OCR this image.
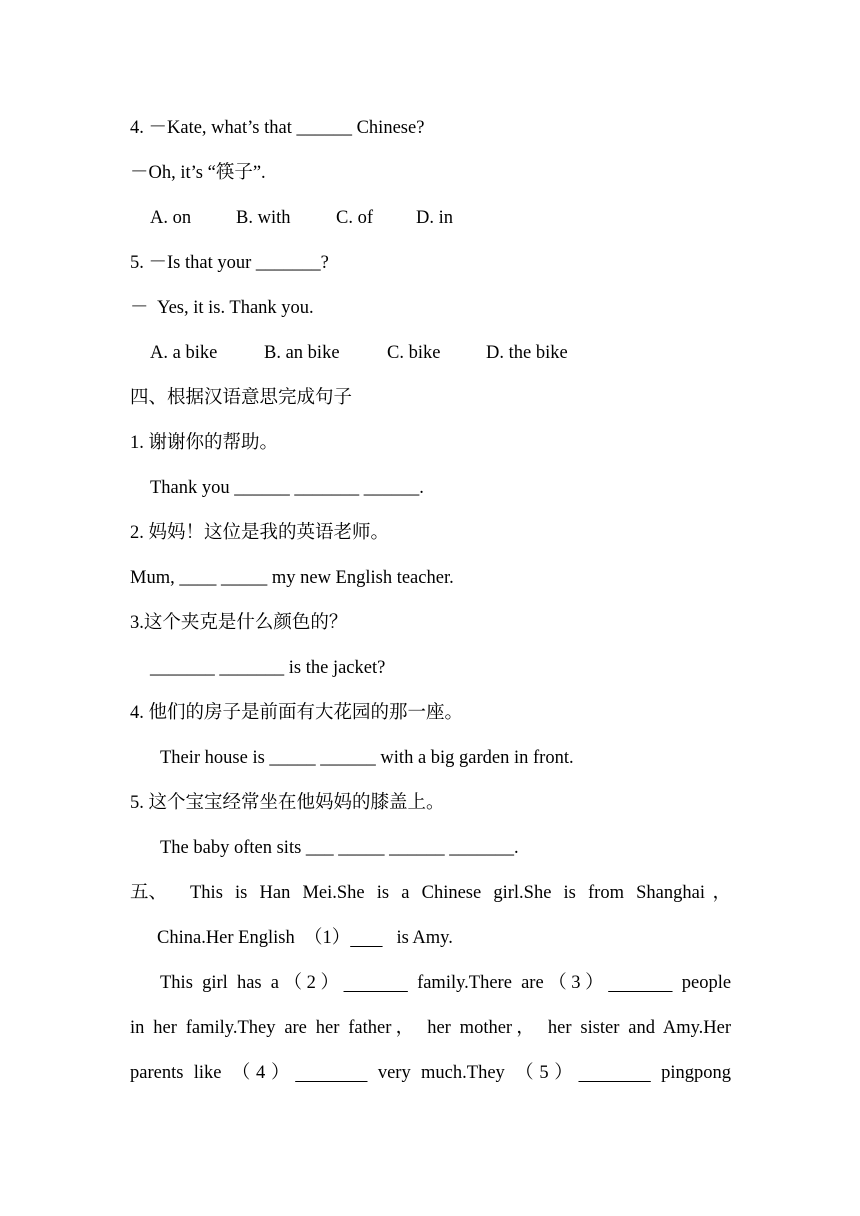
4. －Kate, what’s that ______ Chinese?
－Oh, it’s “筷子”.
A. on B. with C. of D. in
5. －Is that your _______?
－  Yes, it is. Thank you.
A. a bike	B. an bike	C. bike D. the bike
四、根据汉语意思完成句子
1. 谢谢你的帮助。
Thank you ______ _______ ______.
2. 妈妈！这位是我的英语老师。
Mum, ____ _____ my new English teacher.
3.这个夹克是什么颜色的？
_______ _______ is the jacket?
4. 他们的房子是前面有大花园的那一座。
Their house is _____ ______ with a big garden in front.
5. 这个宝宝经常坐在他妈妈的膝盖上。
The baby often sits ___ _____ ______ _______.
五、 This is Han Mei.She is a Chinese girl.She is from Shanghai，
China.Her English  （1）          is Amy.
This girl has a（2）	family.There are（3）	people
in her family.They are her father， her mother， her sister and Amy.Her
parents like （4）	very much.They （5）	pingpong
